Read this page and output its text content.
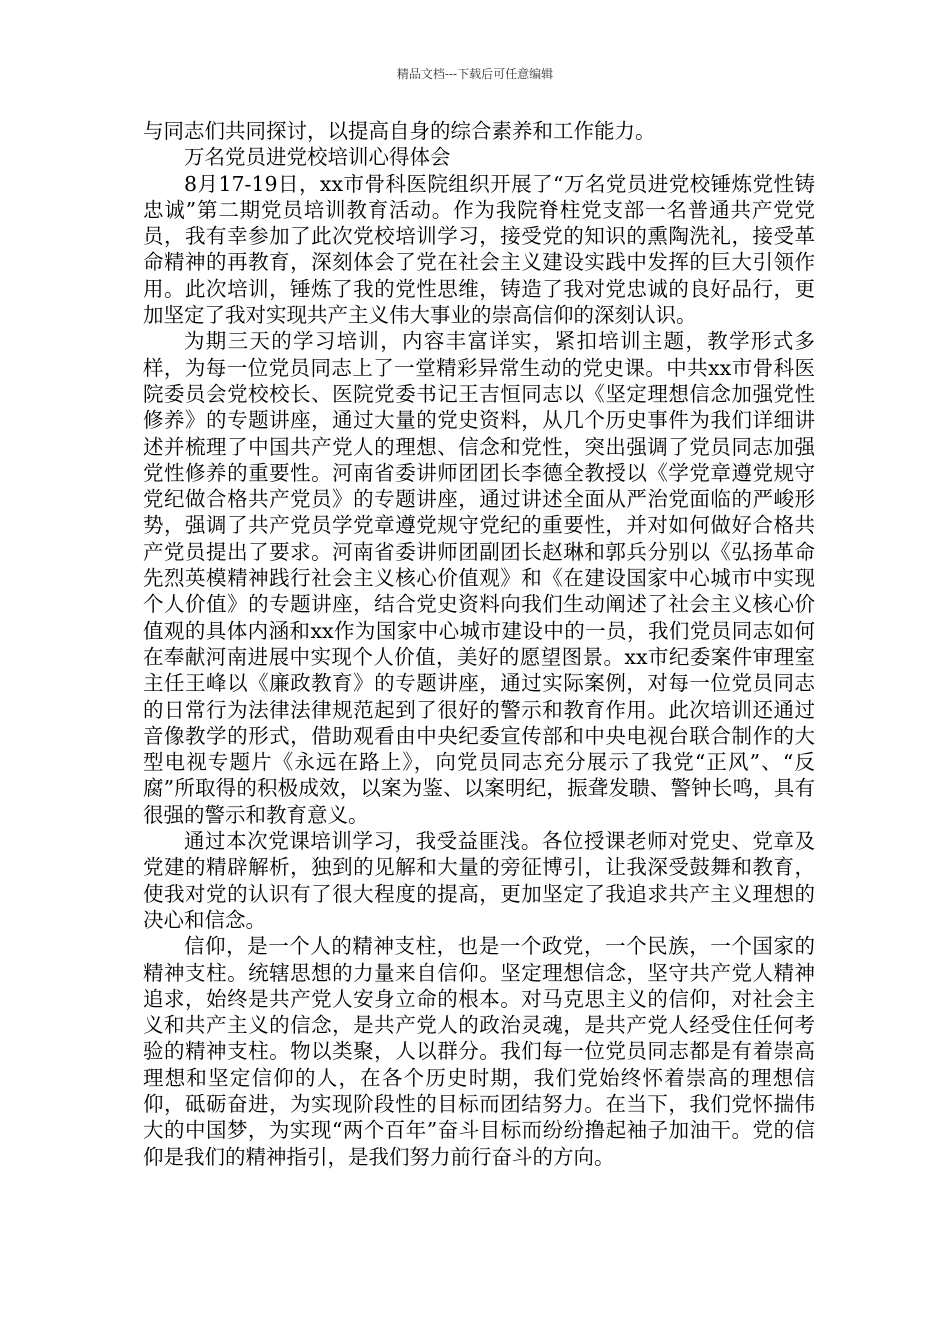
精品文档---下载后可任意编辑

与同志们共同探讨，以提高自身的综合素养和工作能力。

万名党员进党校培训心得体会

8月17-19日，xx市骨科医院组织开展了“万名党员进党校锤炼党性铸忠诚”第二期党员培训教育活动。作为我院脊柱党支部一名普通共产党党员，我有幸参加了此次党校培训学习，接受党的知识的熏陶洗礼，接受革命精神的再教育，深刻体会了党在社会主义建设实践中发挥的巨大引领作用。此次培训，锤炼了我的党性思维，铸造了我对党忠诚的良好品行，更加坚定了我对实现共产主义伟大事业的崇高信仰的深刻认识。

为期三天的学习培训，内容丰富详实，紧扣培训主题，教学形式多样，为每一位党员同志上了一堂精彩异常生动的党史课。中共xx市骨科医院委员会党校校长、医院党委书记王吉恒同志以《坚定理想信念加强党性修养》的专题讲座，通过大量的党史资料，从几个历史事件为我们详细讲述并梳理了中国共产党人的理想、信念和党性，突出强调了党员同志加强党性修养的重要性。河南省委讲师团团长李德全教授以《学党章遵党规守党纪做合格共产党员》的专题讲座，通过讲述全面从严治党面临的严峻形势，强调了共产党员学党章遵党规守党纪的重要性，并对如何做好合格共产党员提出了要求。河南省委讲师团副团长赵琳和郭兵分别以《弘扬革命先烈英模精神践行社会主义核心价值观》和《在建设国家中心城市中实现个人价值》的专题讲座，结合党史资料向我们生动阐述了社会主义核心价值观的具体内涵和xx作为国家中心城市建设中的一员，我们党员同志如何在奉献河南进展中实现个人价值，美好的愿望图景。xx市纪委案件审理室主任王峰以《廉政教育》的专题讲座，通过实际案例，对每一位党员同志的日常行为法律法律规范起到了很好的警示和教育作用。此次培训还通过音像教学的形式，借助观看由中央纪委宣传部和中央电视台联合制作的大型电视专题片《永远在路上》，向党员同志充分展示了我党“正风”、“反腐”所取得的积极成效，以案为鉴、以案明纪，振聋发聩、警钟长鸣，具有很强的警示和教育意义。

通过本次党课培训学习，我受益匪浅。各位授课老师对党史、党章及党建的精辟解析，独到的见解和大量的旁征博引，让我深受鼓舞和教育，使我对党的认识有了很大程度的提高，更加坚定了我追求共产主义理想的决心和信念。

信仰，是一个人的精神支柱，也是一个政党，一个民族，一个国家的精神支柱。统辖思想的力量来自信仰。坚定理想信念，坚守共产党人精神追求，始终是共产党人安身立命的根本。对马克思主义的信仰，对社会主义和共产主义的信念，是共产党人的政治灵魂，是共产党人经受住任何考验的精神支柱。物以类聚，人以群分。我们每一位党员同志都是有着崇高理想和坚定信仰的人，在各个历史时期，我们党始终怀着崇高的理想信仰，砥砺奋进，为实现阶段性的目标而团结努力。在当下，我们党怀揣伟大的中国梦，为实现“两个百年”奋斗目标而纷纷撸起袖子加油干。党的信仰是我们的精神指引，是我们努力前行奋斗的方向。
